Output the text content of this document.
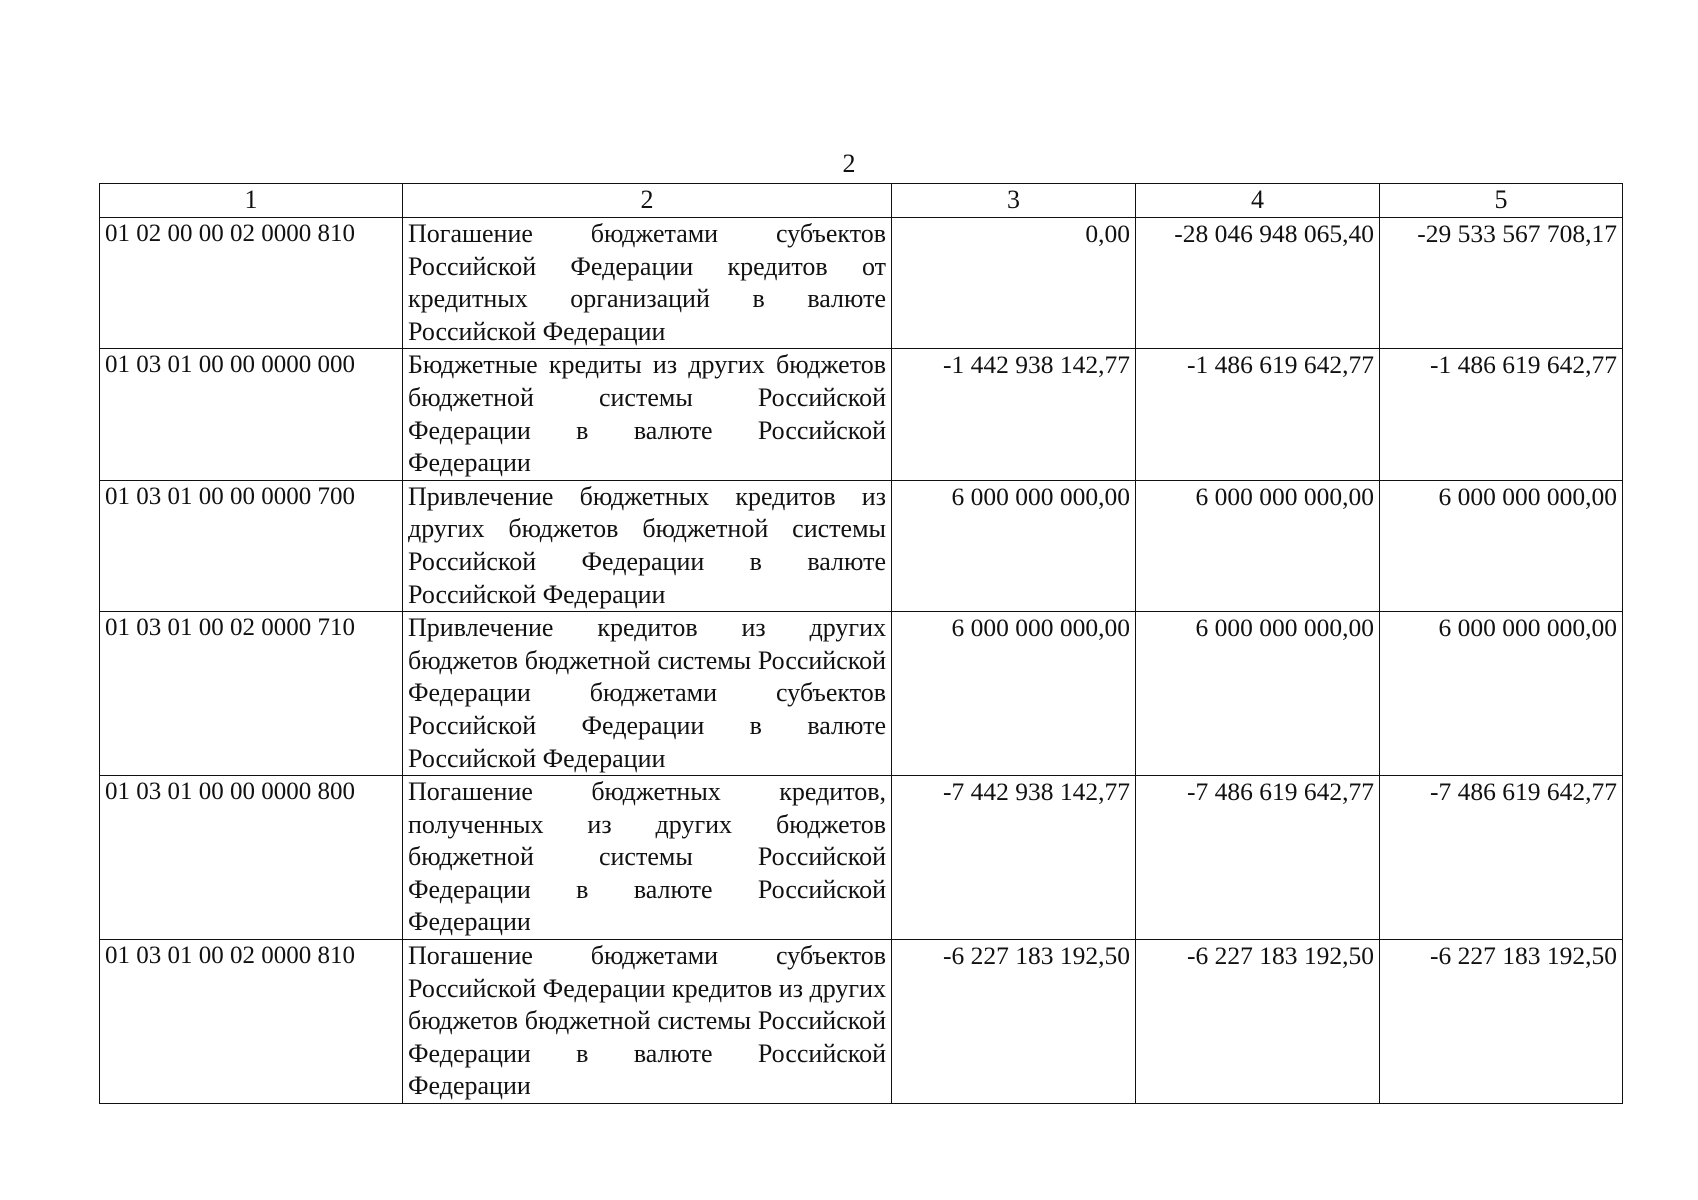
2
1	2	3	4	5
01 02 00 00 02 0000 810	Погашение бюджетами субъектов Российской Федерации кредитов от кредитных организаций в валюте Российской Федерации	0,00	-28 046 948 065,40	-29 533 567 708,17
01 03 01 00 00 0000 000	Бюджетные кредиты из других бюджетов бюджетной системы Российской Федерации в валюте Российской Федерации	-1 442 938 142,77	-1 486 619 642,77	-1 486 619 642,77
01 03 01 00 00 0000 700	Привлечение бюджетных кредитов из других бюджетов бюджетной системы Российской Федерации в валюте Российской Федерации	6 000 000 000,00	6 000 000 000,00	6 000 000 000,00
01 03 01 00 02 0000 710	Привлечение кредитов из других бюджетов бюджетной системы Российской Федерации бюджетами субъектов Российской Федерации в валюте Российской Федерации	6 000 000 000,00	6 000 000 000,00	6 000 000 000,00
01 03 01 00 00 0000 800	Погашение бюджетных кредитов, полученных из других бюджетов бюджетной системы Российской Федерации в валюте Российской Федерации	-7 442 938 142,77	-7 486 619 642,77	-7 486 619 642,77
01 03 01 00 02 0000 810	Погашение бюджетами субъектов Российской Федерации кредитов из других бюджетов бюджетной системы Российской Федерации в валюте Российской Федерации	-6 227 183 192,50	-6 227 183 192,50	-6 227 183 192,50
